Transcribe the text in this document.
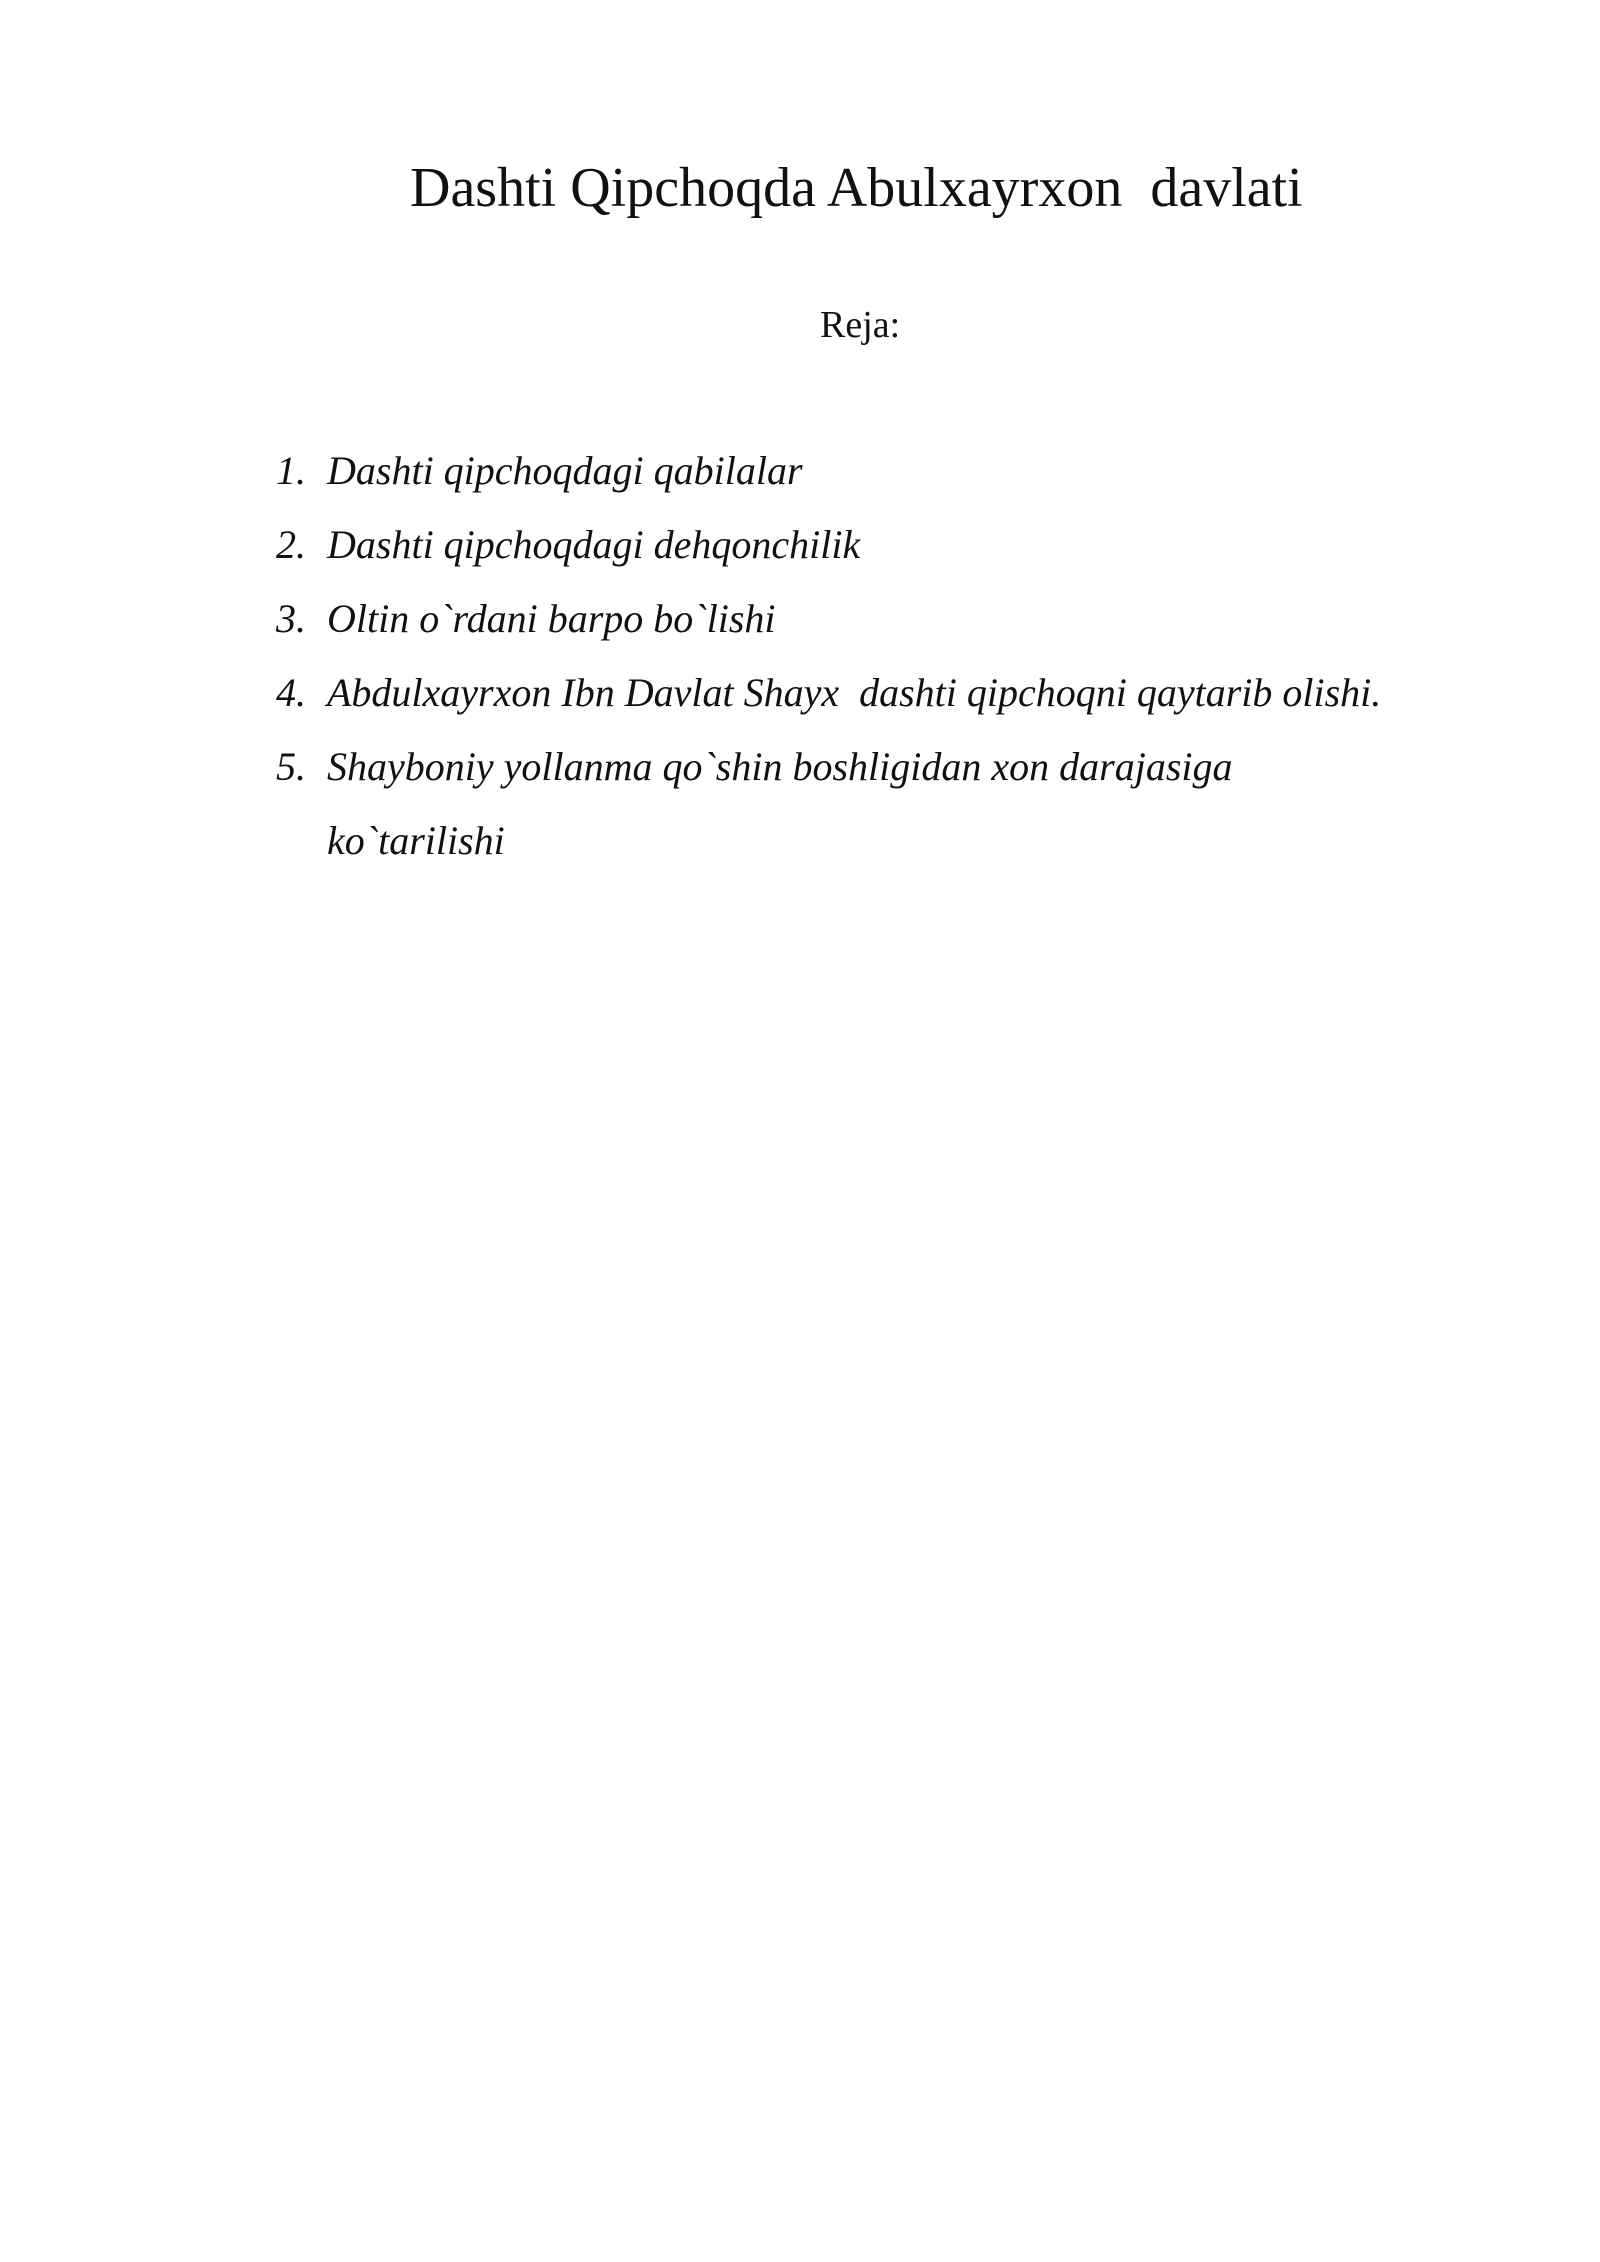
Dashti Qipchoqda Abulxayrxon  davlati

Reja:

1. Dashti qipchoqdagi qabilalar
2. Dashti qipchoqdagi dehqonchilik
3. Oltin o`rdani barpo bo`lishi
4. Abdulxayrxon Ibn Davlat Shayx  dashti qipchoqni qaytarib olishi.
5. Shayboniy yollanma qo`shin boshligidan xon darajasiga
ko`tarilishi
